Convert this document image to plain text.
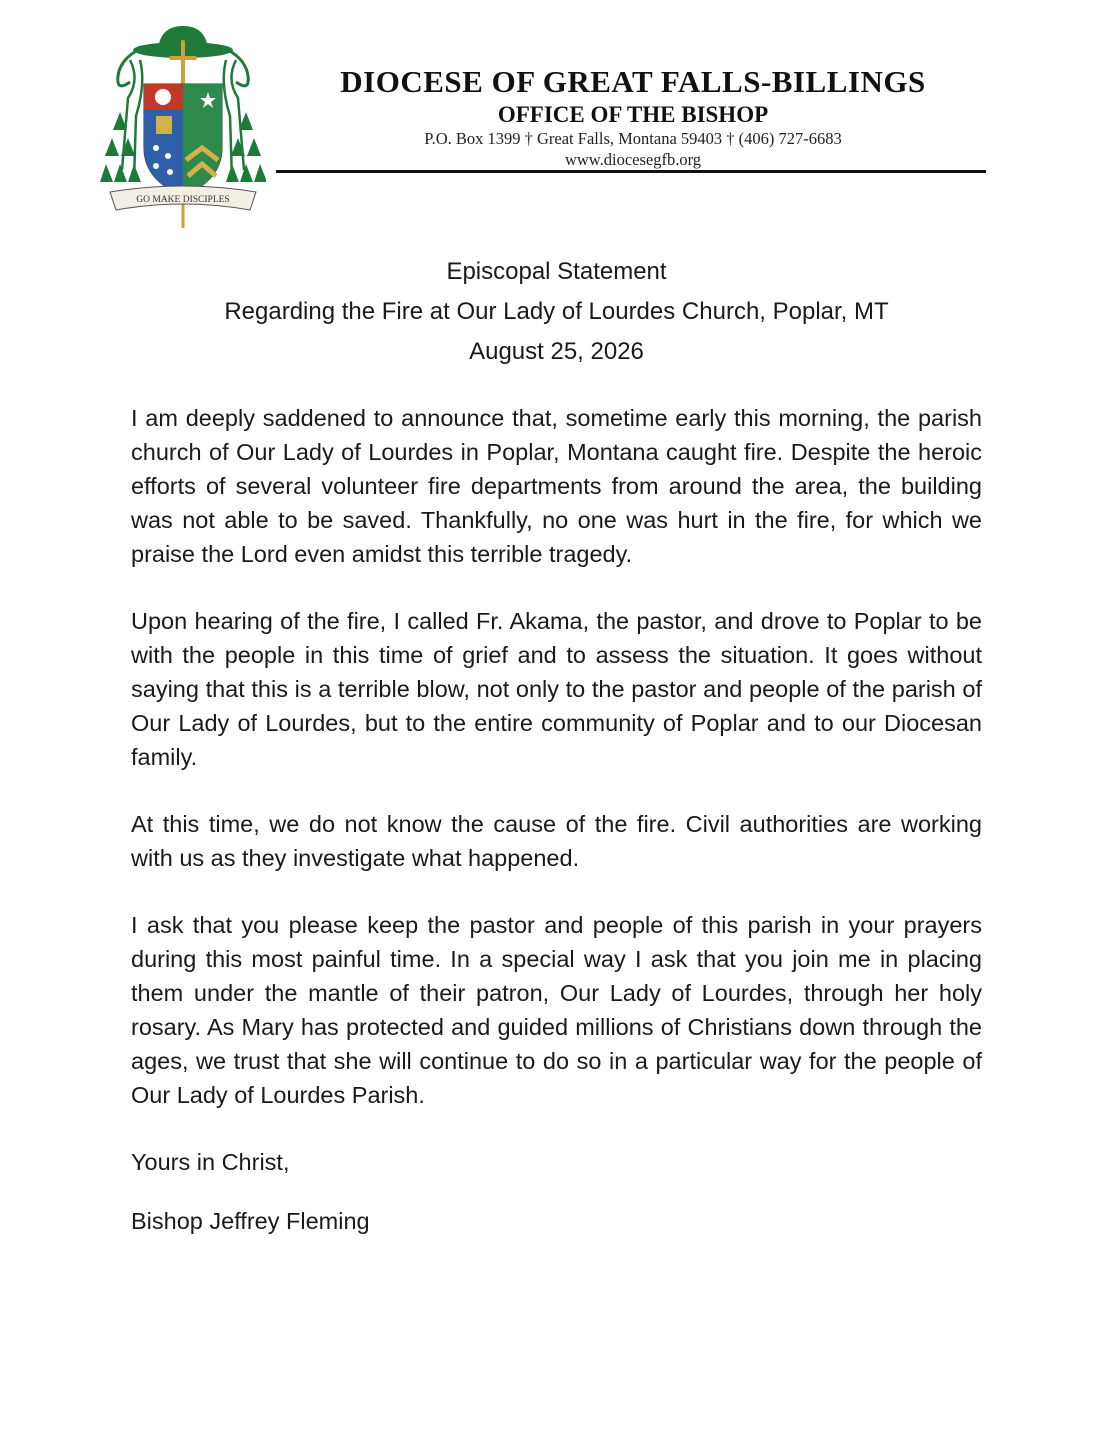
GO MAKE DISCIPLES
DIOCESE OF GREAT FALLS-BILLINGS
OFFICE OF THE BISHOP
P.O. Box 1399 † Great Falls, Montana 59403 † (406) 727-6683
www.diocesegfb.org
Episcopal Statement
Regarding the Fire at Our Lady of Lourdes Church, Poplar, MT
August 25, 2026

I am deeply saddened to announce that, sometime early this morning, the parish church of Our Lady of Lourdes in Poplar, Montana caught fire. Despite the heroic efforts of several volunteer fire departments from around the area, the building was not able to be saved. Thankfully, no one was hurt in the fire, for which we praise the Lord even amidst this terrible tragedy.

Upon hearing of the fire, I called Fr. Akama, the pastor, and drove to Poplar to be with the people in this time of grief and to assess the situation. It goes without saying that this is a terrible blow, not only to the pastor and people of the parish of Our Lady of Lourdes, but to the entire community of Poplar and to our Diocesan family.

At this time, we do not know the cause of the fire. Civil authorities are working with us as they investigate what happened.

I ask that you please keep the pastor and people of this parish in your prayers during this most painful time. In a special way I ask that you join me in placing them under the mantle of their patron, Our Lady of Lourdes, through her holy rosary. As Mary has protected and guided millions of Christians down through the ages, we trust that she will continue to do so in a particular way for the people of Our Lady of Lourdes Parish.

Yours in Christ,
Bishop Jeffrey Fleming
